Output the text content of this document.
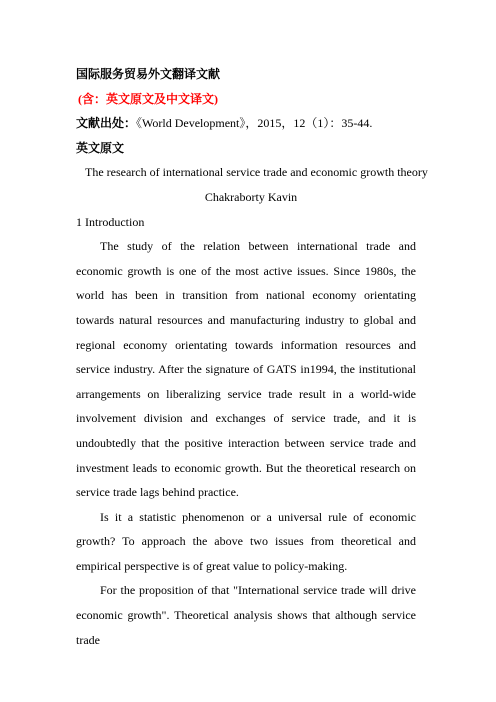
国际服务贸易外文翻译文献
(含：英文原文及中文译文)
文献出处：《World Development》，2015，12（1）：35-44.
英文原文
The research of international service trade and economic growth theory
Chakraborty Kavin
1 Introduction

The study of the relation between international trade and economic growth is one of the most active issues. Since 1980s, the world has been in transition from national economy orientating towards natural resources and manufacturing industry to global and regional economy orientating towards information resources and service industry. After the signature of GATS in1994, the institutional arrangements on liberalizing service trade result in a world-wide involvement division and exchanges of service trade, and it is undoubtedly that the positive interaction between service trade and investment leads to economic growth. But the theoretical research on service trade lags behind practice.

Is it a statistic phenomenon or a universal rule of economic growth? To approach the above two issues from theoretical and empirical perspective is of great value to policy-making.

For the proposition of that "International service trade will drive economic growth". Theoretical analysis shows that although service trade
